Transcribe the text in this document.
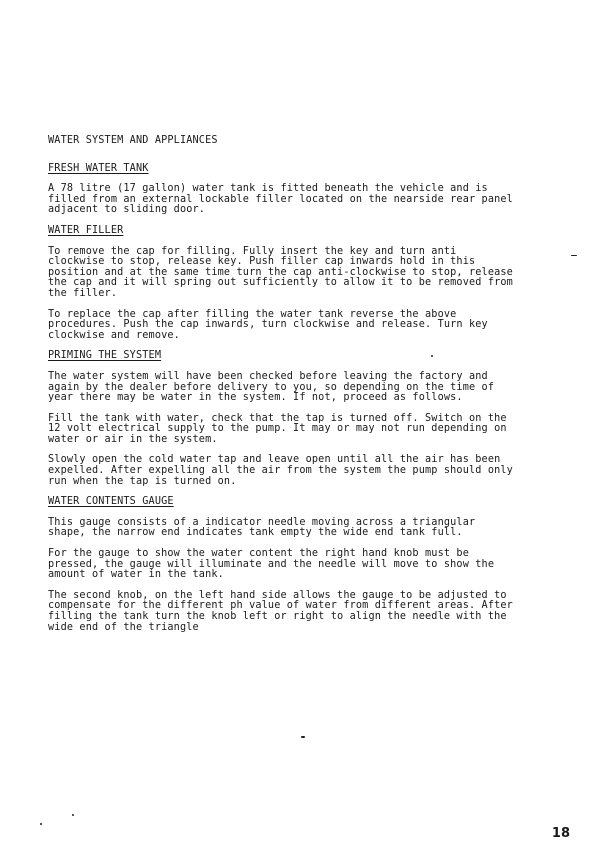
WATER SYSTEM AND APPLIANCES
FRESH WATER TANK

A 78 litre (17 gallon) water tank is fitted beneath the vehicle and is filled from an external lockable filler located on the nearside rear panel adjacent to sliding door.

WATER FILLER

To remove the cap for filling. Fully insert the key and turn anti clockwise to stop, release key. Push filler cap inwards hold in this position and at the same time turn the cap anti-clockwise to stop, release the cap and it will spring out sufficiently to allow it to be removed from the filler.

To replace the cap after filling the water tank reverse the above procedures. Push the cap inwards, turn clockwise and release. Turn key clockwise and remove.

PRIMING THE SYSTEM

The water system will have been checked before leaving the factory and again by the dealer before delivery to you, so depending on the time of year there may be water in the system. If not, proceed as follows.

Fill the tank with water, check that the tap is turned off. Switch on the 12 volt electrical supply to the pump. It may or may not run depending on water or air in the system.

Slowly open the cold water tap and leave open until all the air has been expelled. After expelling all the air from the system the pump should only run when the tap is turned on.

WATER CONTENTS GAUGE

This gauge consists of a indicator needle moving across a triangular shape, the narrow end indicates tank empty the wide end tank full.

For the gauge to show the water content the right hand knob must be pressed, the gauge will illuminate and the needle will move to show the amount of water in the tank.

The second knob, on the left hand side allows the gauge to be adjusted to compensate for the different ph value of water from different areas. After filling the tank turn the knob left or right to align the needle with the wide end of the triangle

18
